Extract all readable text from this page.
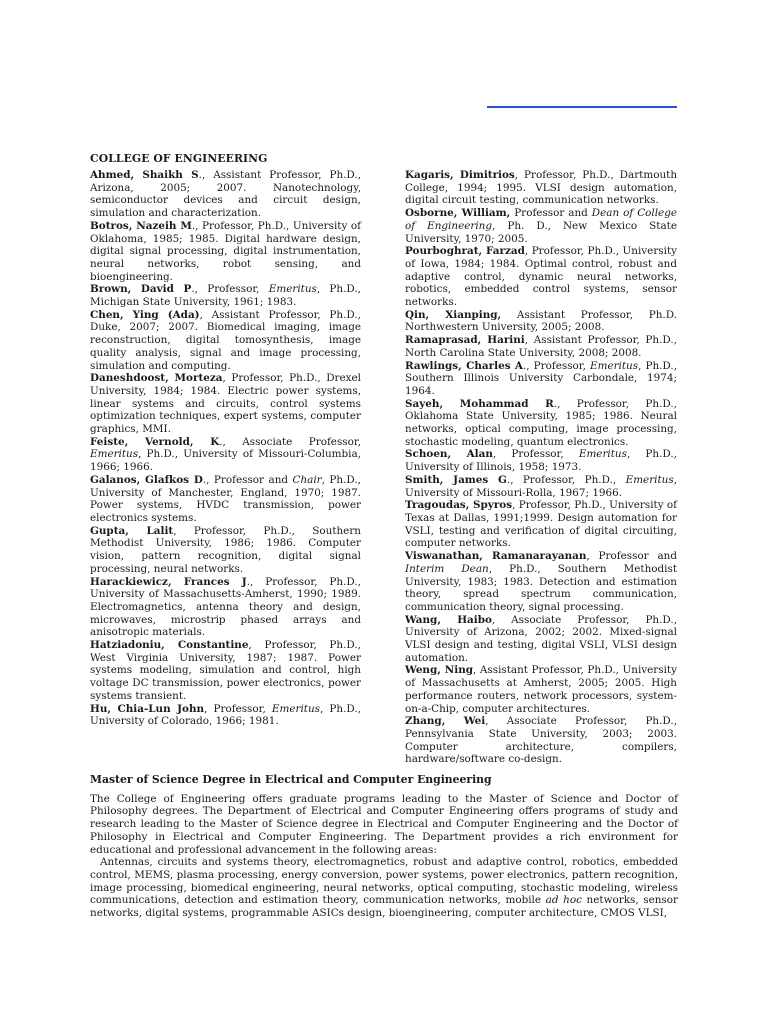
COLLEGE OF ENGINEERING

Ahmed, Shaikh S., Assistant Professor, Ph.D., Arizona, 2005; 2007. Nanotechnology, semiconductor devices and circuit design, simulation and characterization.

Botros, Nazeih M., Professor, Ph.D., University of Oklahoma, 1985; 1985. Digital hardware design, digital signal processing, digital instrumentation, neural networks, robot sensing, and bioengineering.

Brown, David P., Professor, Emeritus, Ph.D., Michigan State University, 1961; 1983.

Chen, Ying (Ada), Assistant Professor, Ph.D., Duke, 2007; 2007. Biomedical imaging, image reconstruction, digital tomosynthesis, image quality analysis, signal and image processing, simulation and computing.

Daneshdoost, Morteza, Professor, Ph.D., Drexel University, 1984; 1984. Electric power systems, linear systems and circuits, control systems optimization techniques, expert systems, computer graphics, MMI.

Feiste, Vernold, K., Associate Professor, Emeritus, Ph.D., University of Missouri-Columbia, 1966; 1966.

Galanos, Glafkos D., Professor and Chair, Ph.D., University of Manchester, England, 1970; 1987. Power systems, HVDC transmission, power electronics systems.

Gupta, Lalit, Professor, Ph.D., Southern Methodist University, 1986; 1986. Computer vision, pattern recognition, digital signal processing, neural networks.

Harackiewicz, Frances J., Professor, Ph.D., University of Massachusetts-Amherst, 1990; 1989. Electromagnetics, antenna theory and design, microwaves, microstrip phased arrays and anisotropic materials.

Hatziadoniu, Constantine, Professor, Ph.D., West Virginia University, 1987; 1987. Power systems modeling, simulation and control, high voltage DC transmission, power electronics, power systems transient.

Hu, Chia-Lun John, Professor, Emeritus, Ph.D., University of Colorado, 1966; 1981.

Kagaris, Dimitrios, Professor, Ph.D., Dartmouth College, 1994; 1995. VLSI design automation, digital circuit testing, communication networks.

Osborne, William, Professor and Dean of College of Engineering, Ph. D., New Mexico State University, 1970; 2005.

Pourboghrat, Farzad, Professor, Ph.D., University of Iowa, 1984; 1984. Optimal control, robust and adaptive control, dynamic neural networks, robotics, embedded control systems, sensor networks.

Qin, Xianping, Assistant Professor, Ph.D. Northwestern University, 2005; 2008.

Ramaprasad, Harini, Assistant Professor, Ph.D., North Carolina State University, 2008; 2008.

Rawlings, Charles A., Professor, Emeritus, Ph.D., Southern Illinois University Carbondale, 1974; 1964.

Sayeh, Mohammad R., Professor, Ph.D., Oklahoma State University, 1985; 1986. Neural networks, optical computing, image processing, stochastic modeling, quantum electronics.

Schoen, Alan, Professor, Emeritus, Ph.D., University of Illinois, 1958; 1973.

Smith, James G., Professor, Ph.D., Emeritus, University of Missouri-Rolla, 1967; 1966.

Tragoudas, Spyros, Professor, Ph.D., University of Texas at Dallas, 1991;1999. Design automation for VSLI, testing and verification of digital circuiting, computer networks.

Viswanathan, Ramanarayanan, Professor and Interim Dean, Ph.D., Southern Methodist University, 1983; 1983. Detection and estimation theory, spread spectrum communication, communication theory, signal processing.

Wang, Haibo, Associate Professor, Ph.D., University of Arizona, 2002; 2002. Mixed-signal VLSI design and testing, digital VSLI, VLSI design automation.

Weng, Ning, Assistant Professor, Ph.D., University of Massachusetts at Amherst, 2005; 2005. High performance routers, network processors, system-on-a-Chip, computer architectures.

Zhang, Wei, Associate Professor, Ph.D., Pennsylvania State University, 2003; 2003. Computer architecture, compilers, hardware/software co-design.

Master of Science Degree in Electrical and Computer Engineering

The College of Engineering offers graduate programs leading to the Master of Science and Doctor of Philosophy degrees. The Department of Electrical and Computer Engineering offers programs of study and research leading to the Master of Science degree in Electrical and Computer Engineering and the Doctor of Philosophy in Electrical and Computer Engineering. The Department provides a rich environment for educational and professional advancement in the following areas:

Antennas, circuits and systems theory, electromagnetics, robust and adaptive control, robotics, embedded control, MEMS, plasma processing, energy conversion, power systems, power electronics, pattern recognition, image processing, biomedical engineering, neural networks, optical computing, stochastic modeling, wireless communications, detection and estimation theory, communication networks, mobile ad hoc networks, sensor networks, digital systems, programmable ASICs design, bioengineering, computer architecture, CMOS VLSI,
